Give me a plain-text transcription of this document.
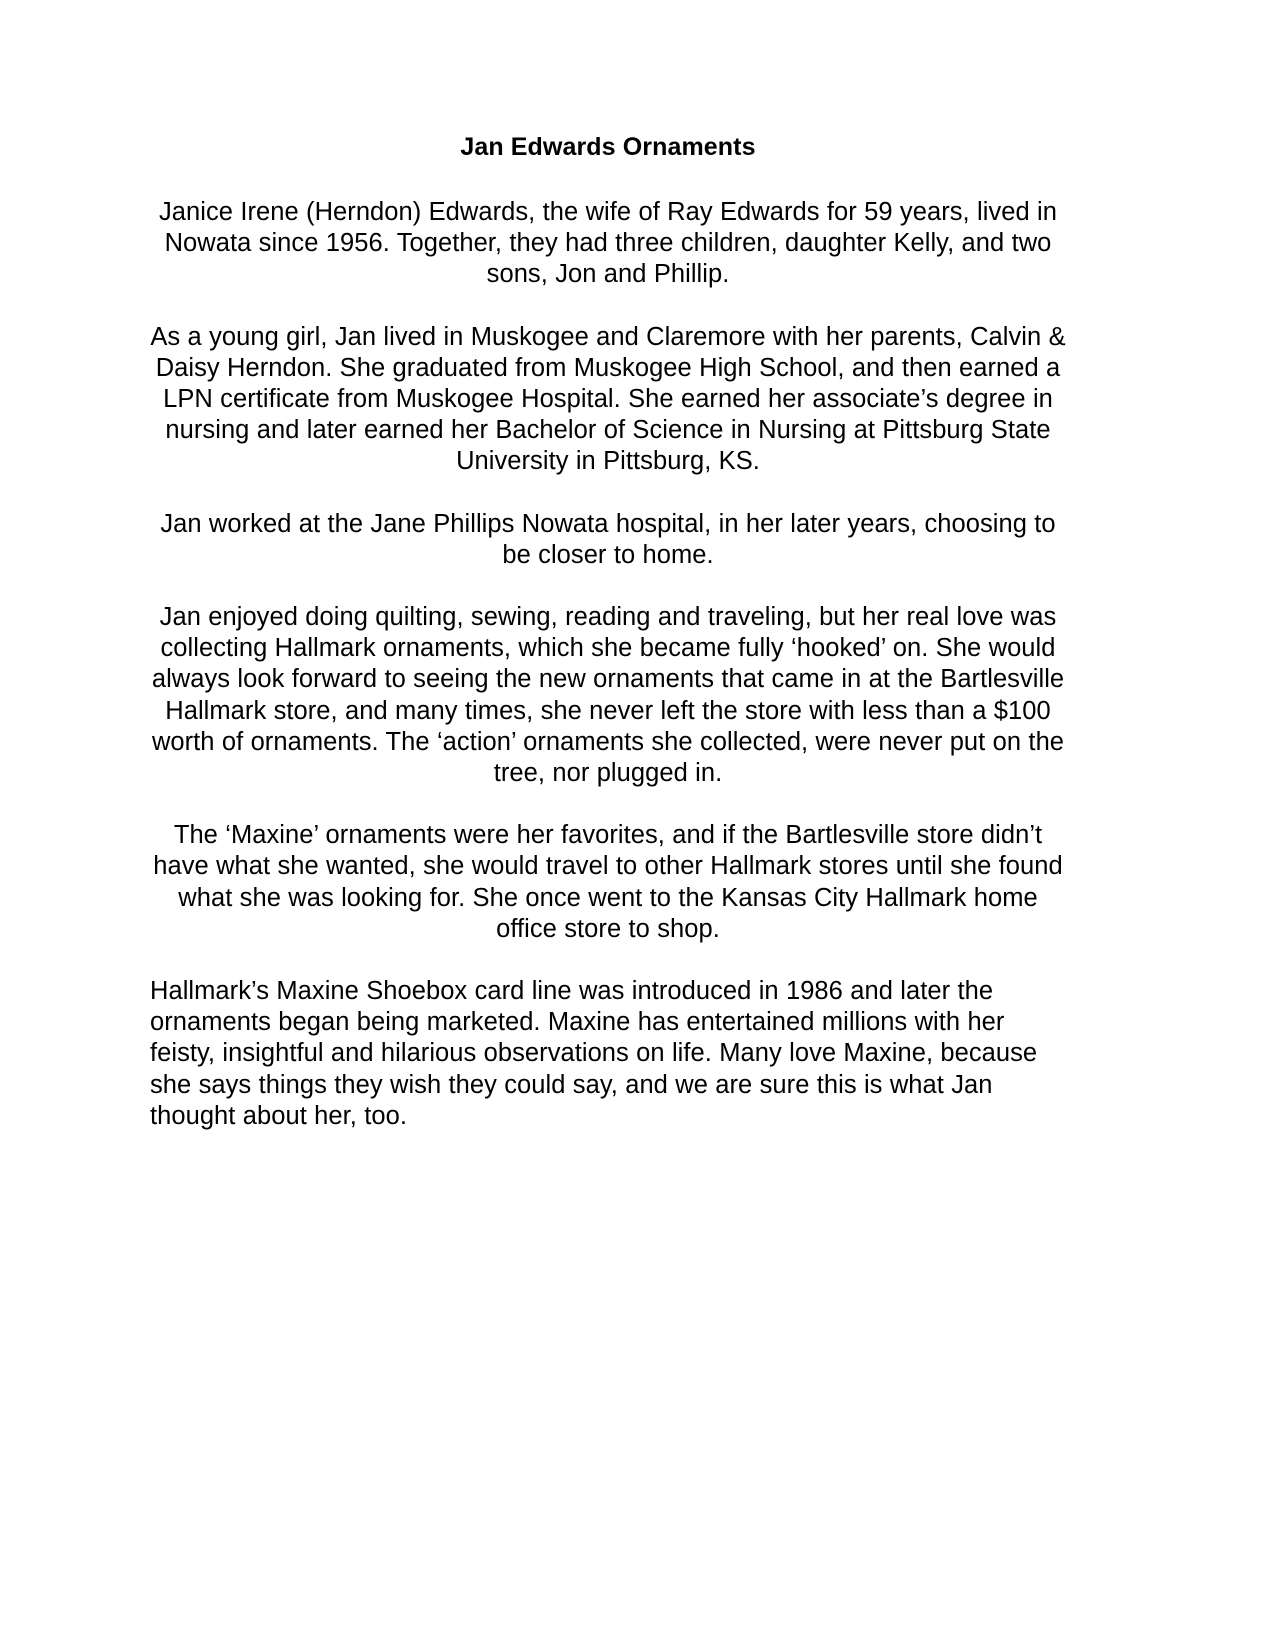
Jan Edwards Ornaments

Janice Irene (Herndon) Edwards, the wife of Ray Edwards for 59 years, lived in Nowata since 1956. Together, they had three children, daughter Kelly, and two sons, Jon and Phillip.

As a young girl, Jan lived in Muskogee and Claremore with her parents, Calvin & Daisy Herndon. She graduated from Muskogee High School, and then earned a LPN certificate from Muskogee Hospital. She earned her associate’s degree in nursing and later earned her Bachelor of Science in Nursing at Pittsburg State University in Pittsburg, KS.

Jan worked at the Jane Phillips Nowata hospital, in her later years, choosing to be closer to home.

Jan enjoyed doing quilting, sewing, reading and traveling, but her real love was collecting Hallmark ornaments, which she became fully ‘hooked’ on. She would always look forward to seeing the new ornaments that came in at the Bartlesville Hallmark store, and many times, she never left the store with less than a $100 worth of ornaments. The ‘action’ ornaments she collected, were never put on the tree, nor plugged in.

The ‘Maxine’ ornaments were her favorites, and if the Bartlesville store didn’t have what she wanted, she would travel to other Hallmark stores until she found what she was looking for. She once went to the Kansas City Hallmark home office store to shop.

Hallmark’s Maxine Shoebox card line was introduced in 1986 and later the ornaments began being marketed. Maxine has entertained millions with her feisty, insightful and hilarious observations on life. Many love Maxine, because she says things they wish they could say, and we are sure this is what Jan thought about her, too.
